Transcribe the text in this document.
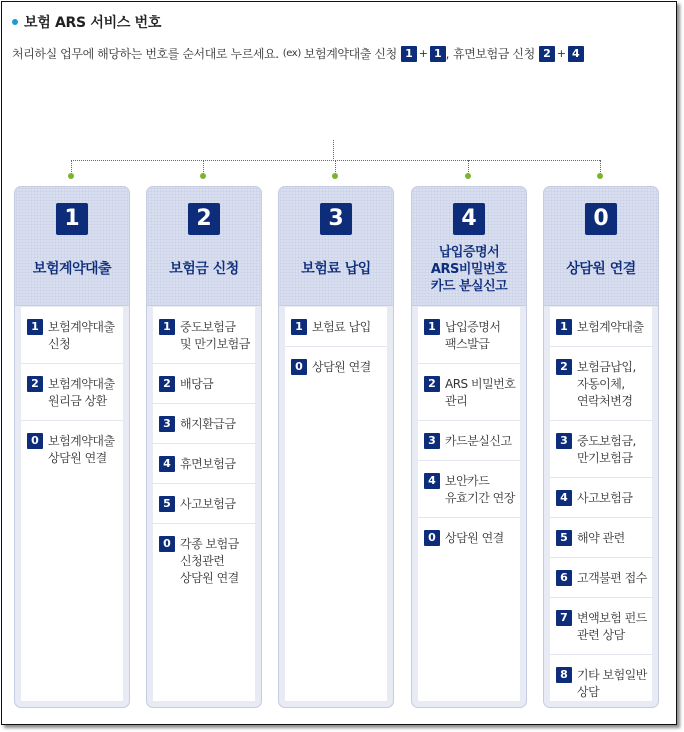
보험 ARS 서비스 번호
처리하실 업무에 해당하는 번호를 순서대로 누르세요. (ex) 보험계약대출 신청 1 + 1 , 휴면보험금 신청 2 + 4
1
보험계약대출
1 보험계약대출
신청
2 보험계약대출
원리금 상환
0 보험계약대출
상담원 연결
2
보험금 신청
1 중도보험금
및 만기보험금
2 배당금
3 해지환급금
4 휴면보험금
5 사고보험금
0 각종 보험금
신청관련
상담원 연결
3
보험료 납입
1 보험료 납입
0 상담원 연결
4
납입증명서
ARS비밀번호
카드 분실신고
1 납입증명서
팩스발급
2 ARS 비밀번호
관리
3 카드분실신고
4 보안카드
유효기간 연장
0 상담원 연결
0
상담원 연결
1 보험계약대출
2 보험금납입,
자동이체,
연락처변경
3 중도보험금,
만기보험금
4 사고보험금
5 해약 관련
6 고객불편 접수
7 변액보험 펀드
관련 상담
8 기타 보험일반
상담
